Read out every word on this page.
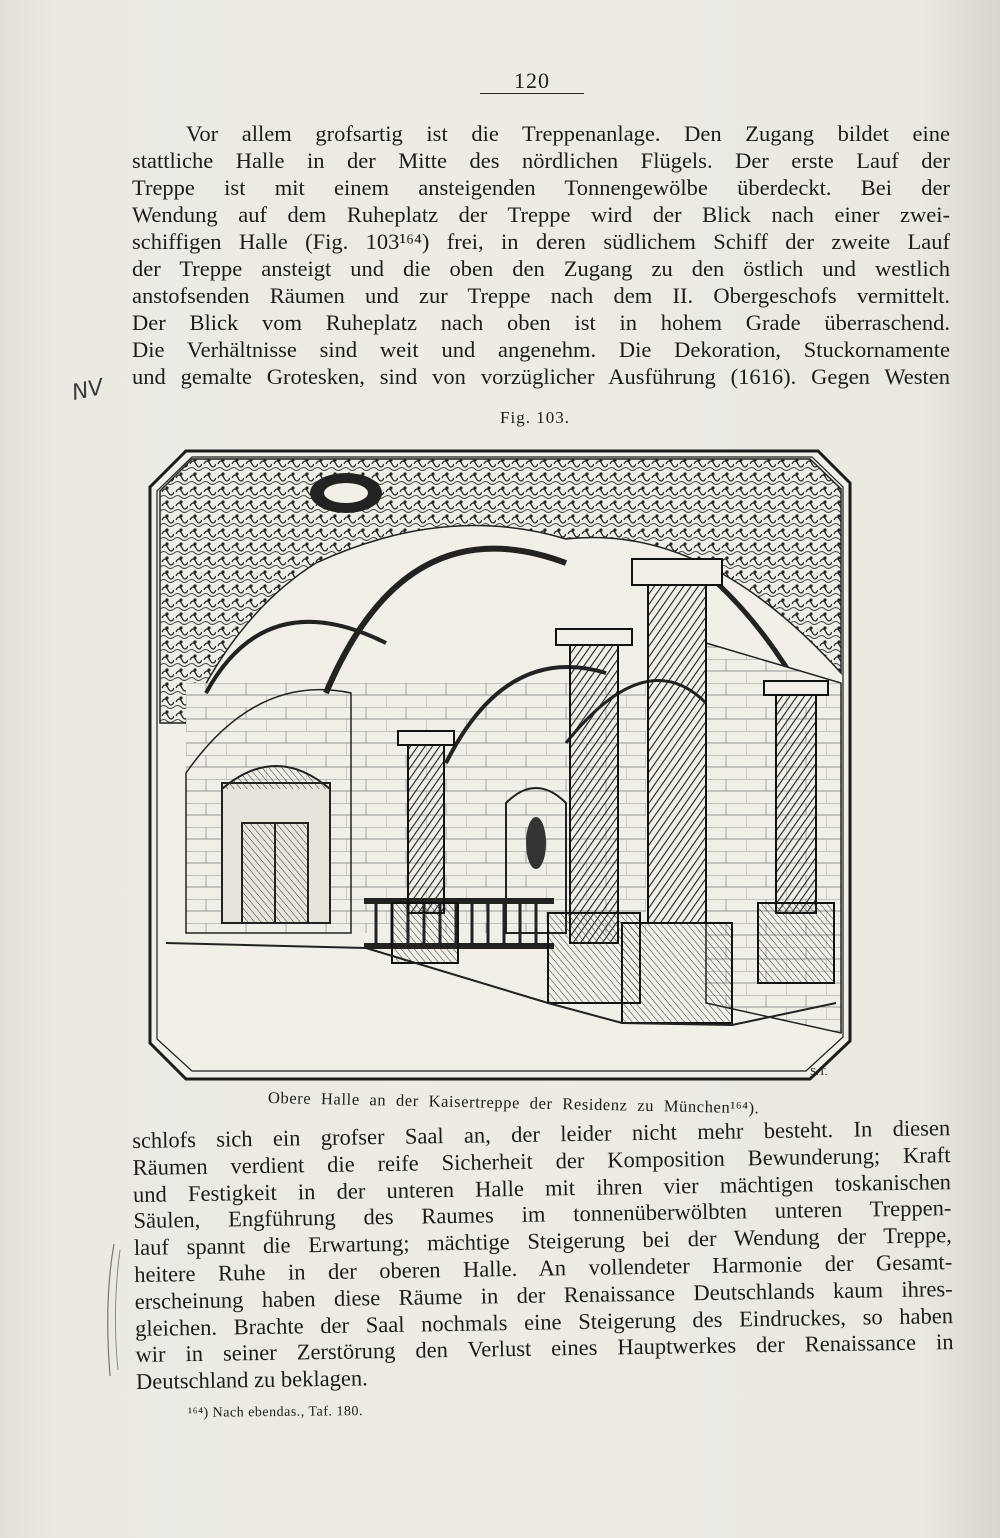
120
Vor allem grofsartig ist die Treppenanlage. Den Zugang bildet eine
stattliche Halle in der Mitte des nördlichen Flügels. Der erste Lauf der
Treppe ist mit einem ansteigenden Tonnengewölbe überdeckt. Bei der
Wendung auf dem Ruheplatz der Treppe wird der Blick nach einer zwei-
schiffigen Halle (Fig. 103¹⁶⁴) frei, in deren südlichem Schiff der zweite Lauf
der Treppe ansteigt und die oben den Zugang zu den östlich und westlich
anstofsenden Räumen und zur Treppe nach dem II. Obergeschofs vermittelt.
Der Blick vom Ruheplatz nach oben ist in hohem Grade überraschend.
Die Verhältnisse sind weit und angenehm. Die Dekoration, Stuckornamente
und gemalte Grotesken, sind von vorzüglicher Ausführung (1616). Gegen Westen
NV
Fig. 103.
S.T.
Obere Halle an der Kaisertreppe der Residenz zu München¹⁶⁴).
schlofs sich ein grofser Saal an, der leider nicht mehr besteht. In diesen
Räumen verdient die reife Sicherheit der Komposition Bewunderung; Kraft
und Festigkeit in der unteren Halle mit ihren vier mächtigen toskanischen
Säulen, Engführung des Raumes im tonnenüberwölbten unteren Treppen-
lauf spannt die Erwartung; mächtige Steigerung bei der Wendung der Treppe,
heitere Ruhe in der oberen Halle. An vollendeter Harmonie der Gesamt-
erscheinung haben diese Räume in der Renaissance Deutschlands kaum ihres-
gleichen. Brachte der Saal nochmals eine Steigerung des Eindruckes, so haben
wir in seiner Zerstörung den Verlust eines Hauptwerkes der Renaissance in
Deutschland zu beklagen.
¹⁶⁴) Nach ebendas., Taf. 180.
